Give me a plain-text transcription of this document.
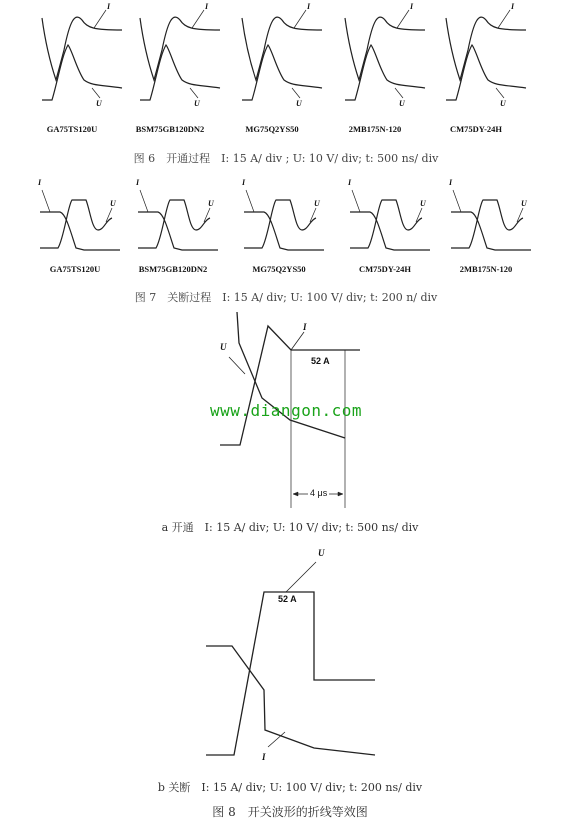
I
U
GA75TS120U
I
U
BSM75GB120DN2
I
U
MG75Q2YS50
I
U
2MB175N-120
I
U
CM75DY-24H
图 6　开通过程　I: 15 A/ div ; U: 10 V/ div; t: 500 ns/ div
I
U
GA75TS120U
I
U
BSM75GB120DN2
I
U
MG75Q2YS50
I
U
CM75DY-24H
I
U
2MB175N-120
图 7　关断过程　I: 15 A/ div; U: 100 V/ div; t: 200 n/ div
U
I
52 A
4 μs
www.diangon.com
a 开通　I: 15 A/ div; U: 10 V/ div; t: 500 ns/ div
U
52 A
I
b 关断　I: 15 A/ div; U: 100 V/ div; t: 200 ns/ div
图 8　开关波形的折线等效图
